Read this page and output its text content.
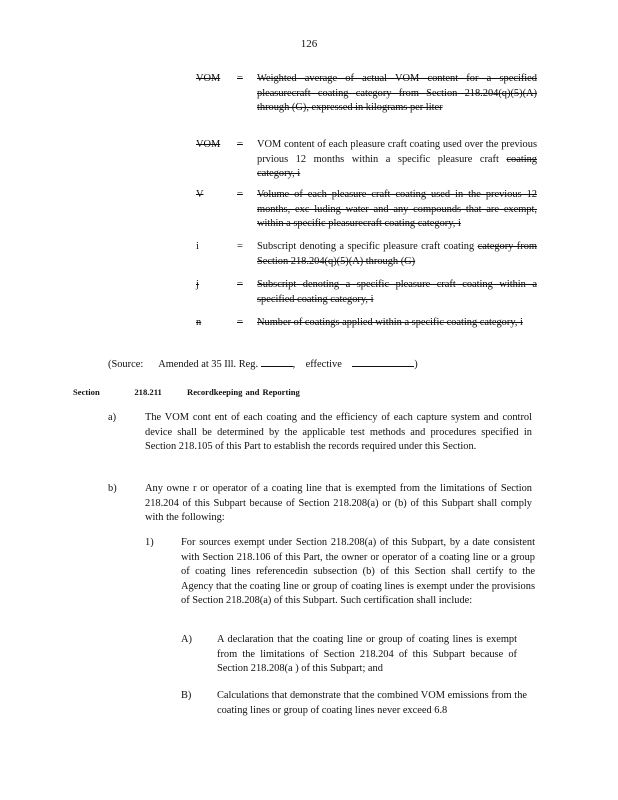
126
VOM	=	Weighted average of actual VOM content for a specified pleasurecraft coating category from Section 218.204(q)(5)(A) through (G), expressed in kilograms per liter
VOM	=	VOM content of each pleasure craft coating used over the previous prvious 12 months within a specific pleasure craft coating category, i
V	=	Volume of each pleasure craft coating used in the previous 12 months, exc luding water and any compounds that are exempt, within a specific pleasurecraft coating category, i
i	=	Subscript denoting a specific pleasure craft coating category from Section 218.204(q)(5)(A) through (G)
j	=	Subscript denoting a specific pleasure craft coating within a specified coating category, i
n	=	Number of coatings applied within a specific coating category, i
(Source: Amended at 35 Ill. Reg.	, effective	)
Section	218.211	Recordkeeping and Reporting
a)	The VOM cont ent of each coating and the efficiency of each capture system and control device shall be determined by the applicable test methods and procedures specified in Section 218.105 of this Part to establish the records required under this Section.
b)	Any owne r or operator of a coating line that is exempted from the limitations of Section 218.204 of this Subpart because of Section 218.208(a) or (b) of this Subpart shall comply with the following:
1)	For sources exempt under Section 218.208(a) of this Subpart, by a date consistent with Section 218.106 of this Part, the owner or operator of a coating line or a group of coating lines referencedin subsection (b) of this Section shall certify to the Agency that the coating line or group of coating lines is exempt under the provisions of Section 218.208(a) of this Subpart. Such certification shall include:
A)	A declaration that the coating line or group of coating lines is exempt from the limitations of Section 218.204 of this Subpart because of Section 218.208(a ) of this Subpart; and
B)	Calculations that demonstrate that the combined VOM emissions from the coating lines or group of coating lines never exceed 6.8
